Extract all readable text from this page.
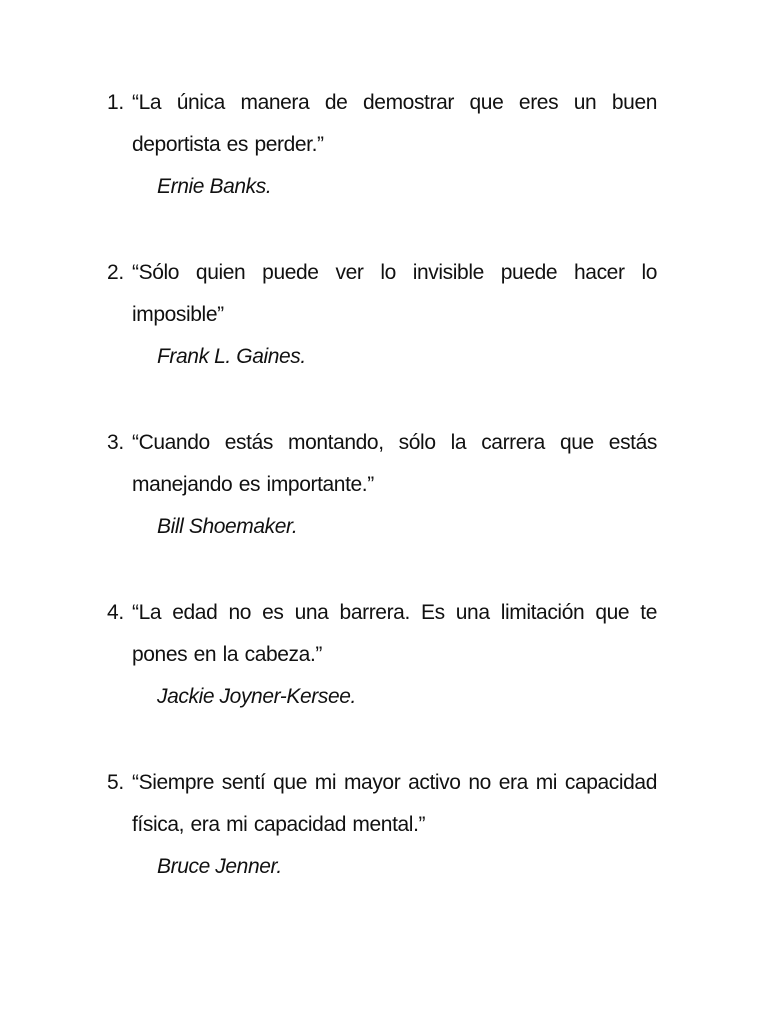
1. “La única manera de demostrar que eres un buen deportista es perder.”
Ernie Banks.
2. “Sólo quien puede ver lo invisible puede hacer lo imposible”
Frank L. Gaines.
3. “Cuando estás montando, sólo la carrera que estás manejando es importante.”
Bill Shoemaker.
4. “La edad no es una barrera. Es una limitación que te pones en la cabeza.”
Jackie Joyner-Kersee.
5. “Siempre sentí que mi mayor activo no era mi capacidad física, era mi capacidad mental.”
Bruce Jenner.
